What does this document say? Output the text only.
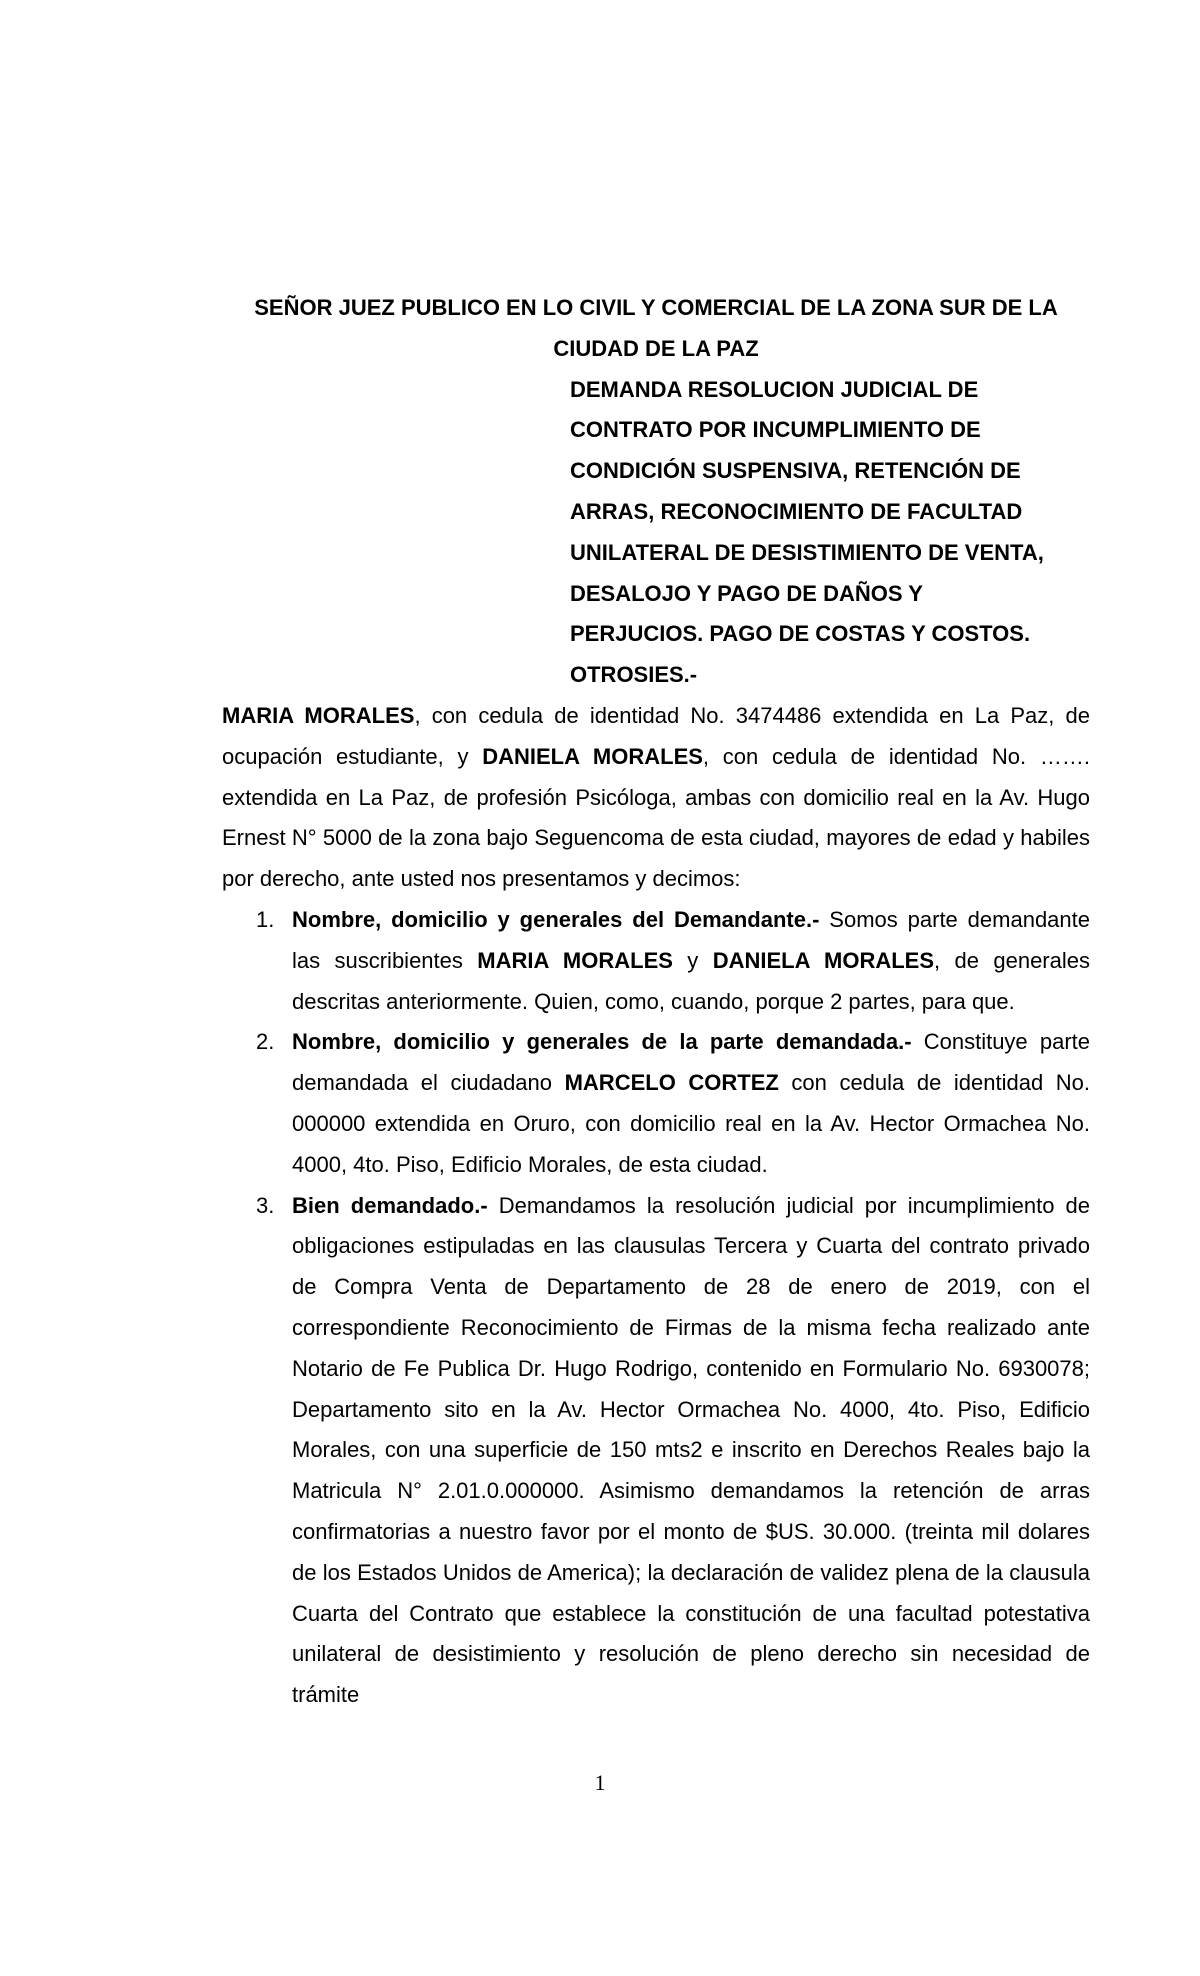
SEÑOR JUEZ PUBLICO EN LO CIVIL Y COMERCIAL DE LA ZONA SUR DE LA

CIUDAD DE LA PAZ

DEMANDA RESOLUCION JUDICIAL DE
CONTRATO POR INCUMPLIMIENTO DE
CONDICIÓN SUSPENSIVA, RETENCIÓN DE
ARRAS, RECONOCIMIENTO DE FACULTAD
UNILATERAL DE DESISTIMIENTO DE VENTA,
DESALOJO Y PAGO DE DAÑOS Y
PERJUCIOS. PAGO DE COSTAS Y COSTOS.
OTROSIES.-

MARIA MORALES, con cedula de identidad No. 3474486 extendida en La Paz, de ocupación estudiante, y DANIELA MORALES, con cedula de identidad No. ……. extendida en La Paz, de profesión Psicóloga, ambas con domicilio real en la Av. Hugo Ernest N° 5000 de la zona bajo Seguencoma de esta ciudad, mayores de edad y habiles por derecho, ante usted nos presentamos y decimos:

1. Nombre, domicilio y generales del Demandante.- Somos parte demandante las suscribientes MARIA MORALES y DANIELA MORALES, de generales descritas anteriormente. Quien, como, cuando, porque 2 partes, para que.
2. Nombre, domicilio y generales de la parte demandada.- Constituye parte demandada el ciudadano MARCELO CORTEZ con cedula de identidad No. 000000 extendida en Oruro, con domicilio real en la Av. Hector Ormachea No. 4000, 4to. Piso, Edificio Morales, de esta ciudad.
3. Bien demandado.- Demandamos la resolución judicial por incumplimiento de obligaciones estipuladas en las clausulas Tercera y Cuarta del contrato privado de Compra Venta de Departamento de 28 de enero de 2019, con el correspondiente Reconocimiento de Firmas de la misma fecha realizado ante Notario de Fe Publica Dr. Hugo Rodrigo, contenido en Formulario No. 6930078; Departamento sito en la Av. Hector Ormachea No. 4000, 4to. Piso, Edificio Morales, con una superficie de 150 mts2 e inscrito en Derechos Reales bajo la Matricula N° 2.01.0.000000. Asimismo demandamos la retención de arras confirmatorias a nuestro favor por el monto de $US. 30.000. (treinta mil dolares de los Estados Unidos de America); la declaración de validez plena de la clausula Cuarta del Contrato que establece la constitución de una facultad potestativa unilateral de desistimiento y resolución de pleno derecho sin necesidad de trámite
1
